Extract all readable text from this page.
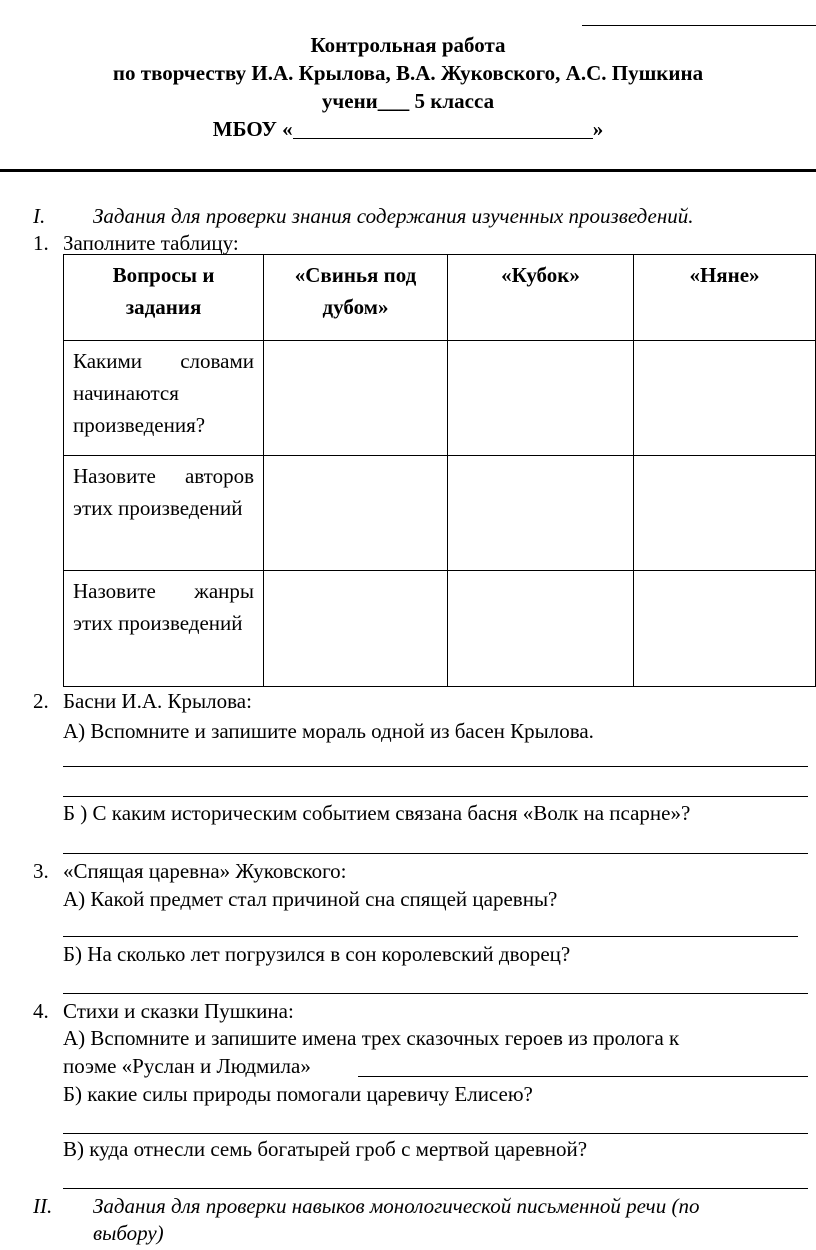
Контрольная работа
по творчеству И.А. Крылова, В.А. Жуковского, А.С. Пушкина
учени___ 5 класса
МБОУ «	»
I. Задания для проверки знания содержания изученных произведений.
1. Заполните таблицу:
Вопросы и задания	«Свинья под дубом»	«Кубок»	«Няне»
Какими словами начинаются произведения?			
Назовите авторов этих произведений			
Назовите жанры этих произведений			
2. Басни И.А. Крылова:
А) Вспомните и запишите мораль одной из басен Крылова.
Б ) С каким историческим событием связана басня «Волк на псарне»?
3. «Спящая царевна» Жуковского:
А) Какой предмет стал причиной сна спящей царевны?
Б) На сколько лет погрузился в сон королевский дворец?
4. Стихи и сказки Пушкина:
А) Вспомните и запишите имена трех сказочных героев из пролога к
поэме «Руслан и Людмила»
Б) какие силы природы помогали царевичу Елисею?
В) куда отнесли семь богатырей гроб с мертвой царевной?
II. Задания для проверки навыков монологической письменной речи (по
выбору)
